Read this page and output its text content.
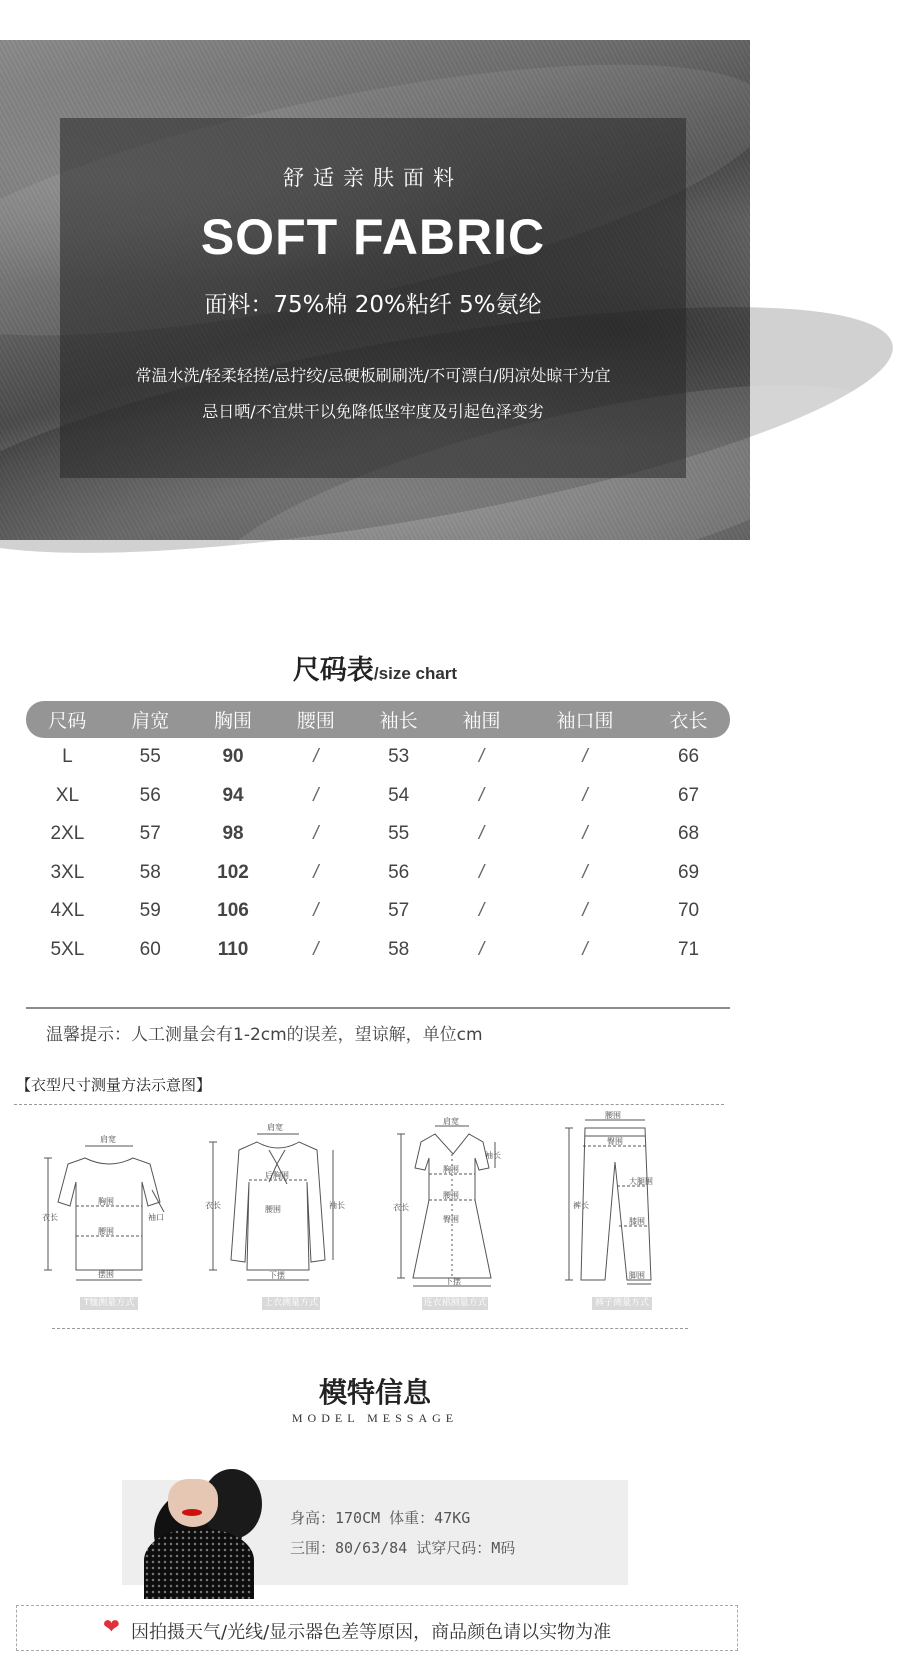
舒适亲肤面料
SOFT FABRIC
面料：75%棉 20%粘纤 5%氨纶
常温水洗/轻柔轻搓/忌拧绞/忌硬板刷刷洗/不可漂白/阴凉处晾干为宜
忌日晒/不宜烘干以免降低坚牢度及引起色泽变劣
尺码表/size chart
尺码	肩宽	胸围	腰围	袖长	袖围	袖口围	衣长
L	55	90	/	53	/	/	66
XL	56	94	/	54	/	/	67
2XL	57	98	/	55	/	/	68
3XL	58	102	/	56	/	/	69
4XL	59	106	/	57	/	/	70
5XL	60	110	/	58	/	/	71
温馨提示：人工测量会有1-2cm的误差，望谅解，单位cm
【衣型尺寸测量方法示意图】
肩宽
胸围
腰围
衣长	袖口
摆围
T恤测量方式
肩宽
后胸围
腰围
衣长	袖长
下摆
上衣测量方式
肩宽
袖长
胸围
腰围
臀围
衣长
下摆
连衣裙测量方式
腰围
臀围
大腿围
膝围
裤长
脚围
裤子测量方式
模特信息
MODEL MESSAGE
身高：170CM 体重：47KG
三围：80/63/84 试穿尺码：M码
❤ 因拍摄天气/光线/显示器色差等原因，商品颜色请以实物为准
